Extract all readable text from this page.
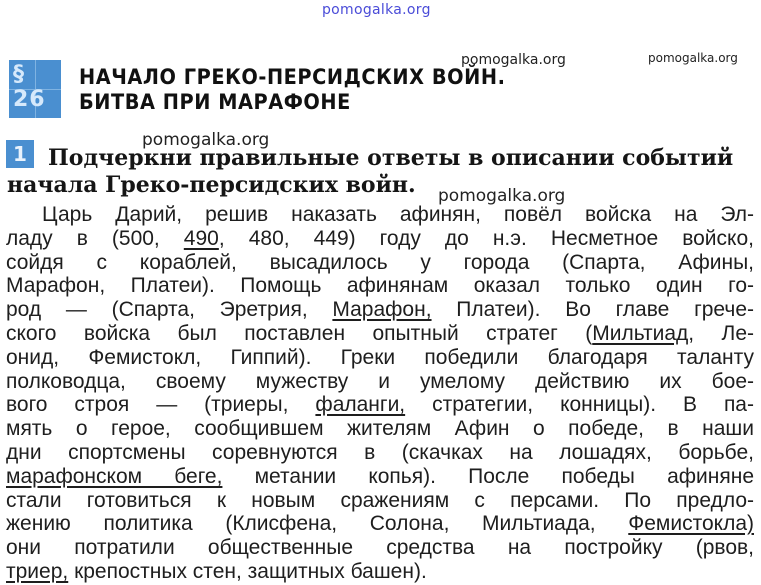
pomogalka.org
pomogalka.org	pomogalka.org
§ 26
НАЧАЛО ГРЕКО-ПЕРСИДСКИХ ВОЙН.
БИТВА ПРИ МАРАФОНЕ
pomogalka.org
1 Подчеркни правильные ответы в описании событий
начала Греко-персидских войн.	pomogalka.org
Царь Дарий, решив наказать афинян, повёл войска на Эл-
ладу в (500, 490, 480, 449) году до н.э. Несметное войско,
сойдя с кораблей, высадилось у города (Спарта, Афины,
Марафон, Платеи). Помощь афинянам оказал только один го-
род — (Спарта, Эретрия, Марафон, Платеи). Во главе грече-
ского войска был поставлен опытный стратег (Мильтиад, Ле-
онид, Фемистокл, Гиппий). Греки победили благодаря таланту
полководца, своему мужеству и умелому действию их бое-
вого строя — (триеры, фаланги, стратегии, конницы). В па-
мять о герое, сообщившем жителям Афин о победе, в наши
дни спортсмены соревнуются в (скачках на лошадях, борьбе,
марафонском беге, метании копья). После победы афиняне
стали готовиться к новым сражениям с персами. По предло-
жению политика (Клисфена, Солона, Мильтиада, Фемистокла)
они потратили общественные средства на постройку (рвов,
триер, крепостных стен, защитных башен).
